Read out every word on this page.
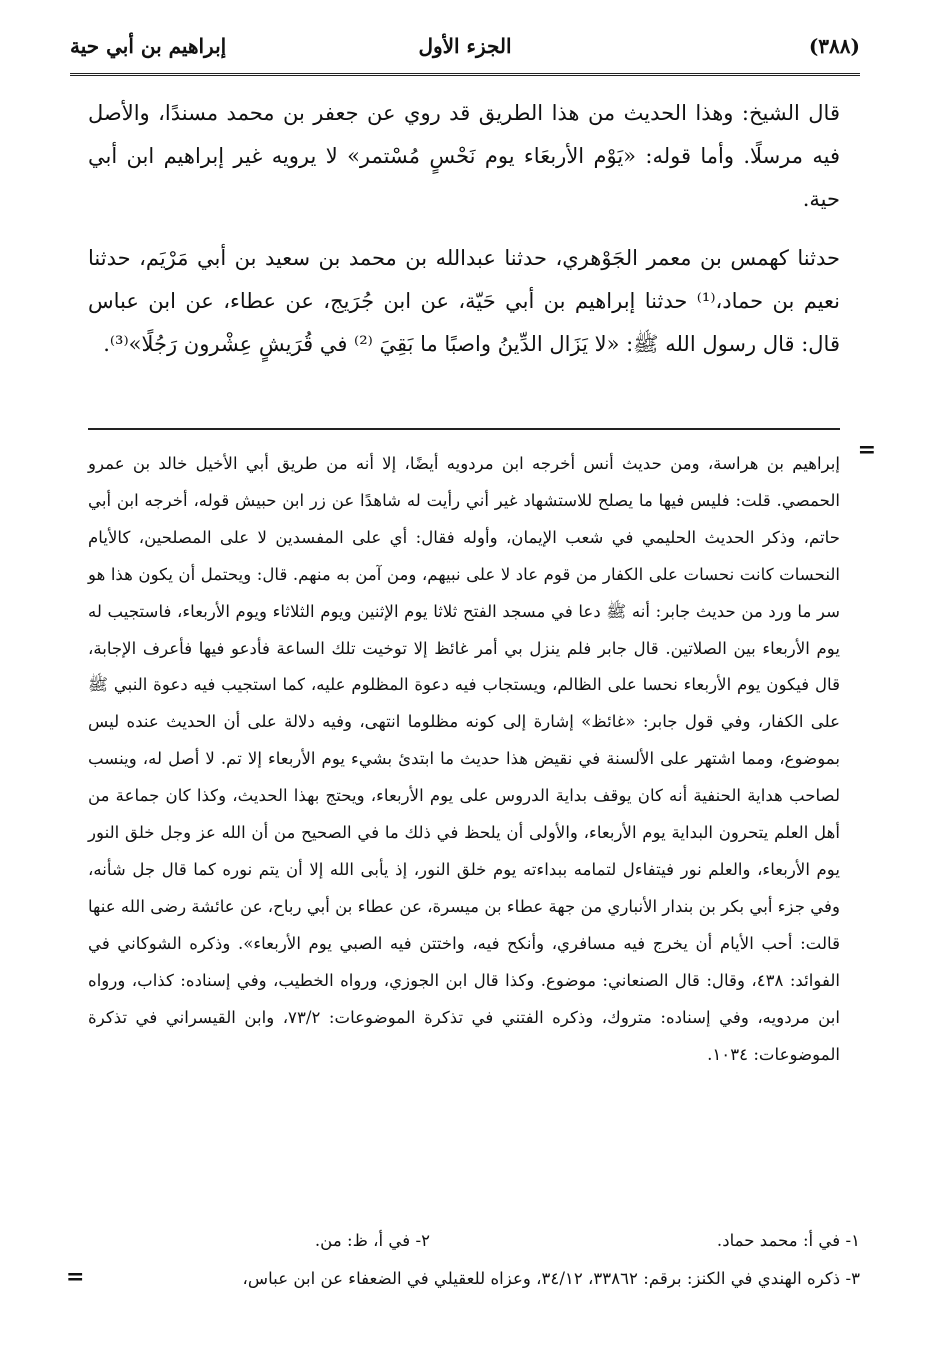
(٣٨٨)
الجزء الأول
إبراهيم بن أبي حية

قال الشيخ: وهذا الحديث من هذا الطريق قد روي عن جعفر بن محمد مسندًا، والأصل فيه مرسلًا. وأما قوله: «يَوْم الأربعَاء يوم نَحْسٍ مُسْتمر» لا يرويه غير إبراهيم ابن أبي حية.

حدثنا كهمس بن معمر الجَوْهري، حدثنا عبدالله بن محمد بن سعيد بن أبي مَرْيَم، حدثنا نعيم بن حماد،⁽¹⁾ حدثنا إبراهيم بن أبي حَيّة، عن ابن جُرَيج، عن عطاء، عن ابن عباس قال: قال رسول الله ﷺ: «لا يَزَال الدِّينُ واصبًا ما بَقِيَ ⁽²⁾ في قُرَيشٍ عِشْرون رَجُلًا»⁽³⁾.

=

إبراهيم بن هراسة، ومن حديث أنس أخرجه ابن مردويه أيضًا، إلا أنه من طريق أبي الأخيل خالد بن عمرو الحمصي. قلت: فليس فيها ما يصلح للاستشهاد غير أني رأيت له شاهدًا عن زر ابن حبيش قوله، أخرجه ابن أبي حاتم، وذكر الحديث الحليمي في شعب الإيمان، وأوله فقال: أي على المفسدين لا على المصلحين، كالأيام النحسات كانت نحسات على الكفار من قوم عاد لا على نبيهم، ومن آمن به منهم. قال: ويحتمل أن يكون هذا هو سر ما ورد من حديث جابر: أنه ﷺ دعا في مسجد الفتح ثلاثا يوم الإثنين ويوم الثلاثاء ويوم الأربعاء، فاستجيب له يوم الأربعاء بين الصلاتين. قال جابر فلم ينزل بي أمر غائظ إلا توخيت تلك الساعة فأدعو فيها فأعرف الإجابة، قال فيكون يوم الأربعاء نحسا على الظالم، ويستجاب فيه دعوة المظلوم عليه، كما استجيب فيه دعوة النبي ﷺ على الكفار، وفي قول جابر: «غائظ» إشارة إلى كونه مظلوما انتهى، وفيه دلالة على أن الحديث عنده ليس بموضوع، ومما اشتهر على الألسنة في نقيض هذا حديث ما ابتدئ بشيء يوم الأربعاء إلا تم. لا أصل له، وينسب لصاحب هداية الحنفية أنه كان يوقف بداية الدروس على يوم الأربعاء، ويحتج بهذا الحديث، وكذا كان جماعة من أهل العلم يتحرون البداية يوم الأربعاء، والأولى أن يلحظ في ذلك ما في الصحيح من أن الله عز وجل خلق النور يوم الأربعاء، والعلم نور فيتفاءل لتمامه ببداءته يوم خلق النور، إذ يأبى الله إلا أن يتم نوره كما قال جل شأنه، وفي جزء أبي بكر بن بندار الأنباري من جهة عطاء بن ميسرة، عن عطاء بن أبي رباح، عن عائشة رضى الله عنها قالت: أحب الأيام أن يخرج فيه مسافري، وأنكح فيه، واختتن فيه الصبي يوم الأربعاء». وذكره الشوكاني في الفوائد: ٤٣٨، وقال: قال الصنعاني: موضوع. وكذا قال ابن الجوزي، ورواه الخطيب، وفي إسناده: كذاب، ورواه ابن مردويه، وفي إسناده: متروك، وذكره الفتني في تذكرة الموضوعات: ٧٣/٢، وابن القيسراني في تذكرة الموضوعات: ١٠٣٤.

١- في أ: محمد حماد.
٢- في أ، ظ: من.
٣- ذكره الهندي في الكنز: برقم: ٣٣٨٦٢، ٣٤/١٢، وعزاه للعقيلي في الضعفاء عن ابن عباس،
=
